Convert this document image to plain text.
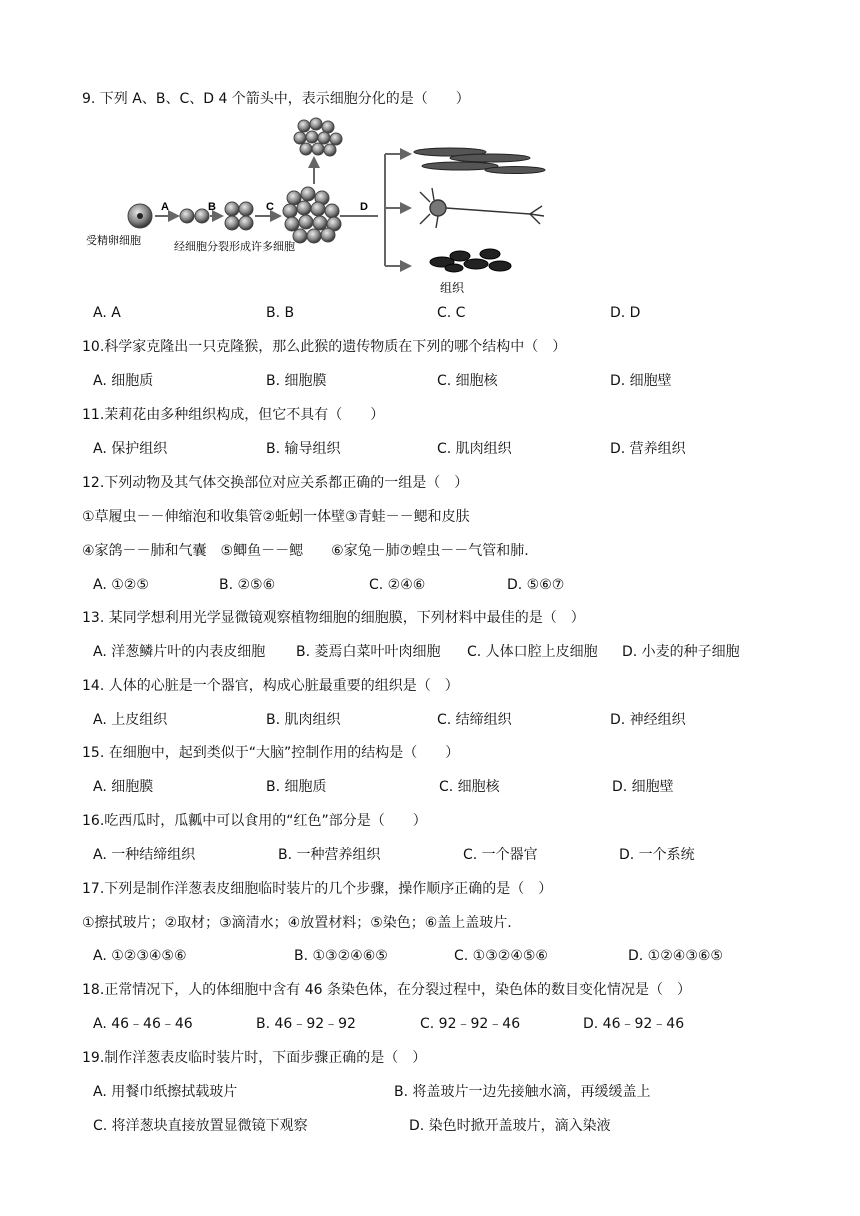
9. 下列 A、B、C、D 4 个箭头中，表示细胞分化的是（　　）
A	B	C	D
受精卵细胞	经细胞分裂形成许多细胞
组织
A. A	B. B	C. C	D. D
10.科学家克隆出一只克隆猴，那么此猴的遗传物质在下列的哪个结构中（　）
A. 细胞质	B. 细胞膜	C. 细胞核	D. 细胞壁
11.茉莉花由多种组织构成，但它不具有（　　）
A. 保护组织	B. 输导组织	C. 肌肉组织	D. 营养组织
12.下列动物及其气体交换部位对应关系都正确的一组是（　）
①草履虫－－伸缩泡和收集管②蚯蚓一体壁③青蛙－－鳃和皮肤
④家鸽－－肺和气囊　⑤鲫鱼－－鳃　　⑥家兔－肺⑦蝗虫－－气管和肺.
A. ①②⑤	B. ②⑤⑥	C. ②④⑥	D. ⑤⑥⑦
13. 某同学想利用光学显微镜观察植物细胞的细胞膜，下列材料中最佳的是（　）
A. 洋葱鳞片叶的内表皮细胞 B. 菱焉白菜叶叶肉细胞 C. 人体口腔上皮细胞 D. 小麦的种子细胞
14. 人体的心脏是一个器官，构成心脏最重要的组织是（　）
A. 上皮组织	B. 肌肉组织	C. 结缔组织	D. 神经组织
15. 在细胞中，起到类似于“大脑”控制作用的结构是（　　）
A. 细胞膜	B. 细胞质	C. 细胞核	D. 细胞壁
16.吃西瓜时，瓜瓤中可以食用的“红色”部分是（　　）
A. 一种结缔组织	B. 一种营养组织	C. 一个器官	D. 一个系统
17.下列是制作洋葱表皮细胞临时装片的几个步骤，操作顺序正确的是（　）
①擦拭玻片；②取材；③滴清水；④放置材料；⑤染色；⑥盖上盖玻片.
A. ①②③④⑤⑥	B. ①③②④⑥⑤	C. ①③②④⑤⑥	D. ①②④③⑥⑤
18.正常情况下，人的体细胞中含有 46 条染色体，在分裂过程中，染色体的数目变化情况是（　）
A. 46﹣46﹣46	B. 46﹣92﹣92	C. 92﹣92﹣46	D. 46﹣92﹣46
19.制作洋葱表皮临时装片时，下面步骤正确的是（　）
A. 用餐巾纸擦拭载玻片	B. 将盖玻片一边先接触水滴，再缓缓盖上
C. 将洋葱块直接放置显微镜下观察	D. 染色时掀开盖玻片，滴入染液
